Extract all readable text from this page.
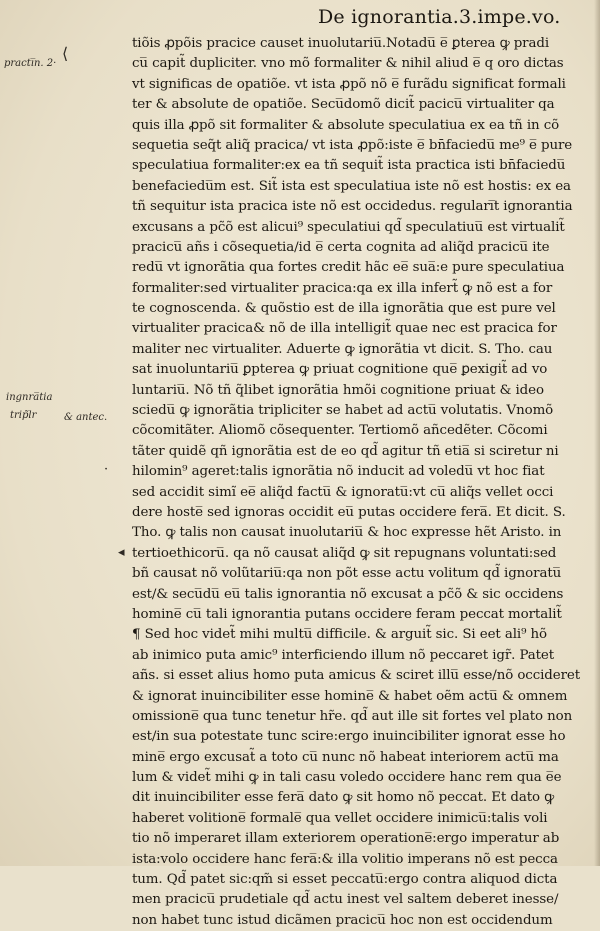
De ignorantia.3.impe.vo.
⟨
practi̅n. 2·
ingnra̅tia
trip̃lr	& antec.
·
◂
tiõis ꝓpõis pracice causet inuolutariu̅.Notadu̅ e̅ ꝑterea ꝙ pradi
cu̅ capit̃ dupliciter. vno mõ formaliter & nihil aliud e̅ q oro dictas
vt significas de opatiõe. vt ista ꝓpõ nõ e̅ furãdu significat formali
ter & absolute de opatiõe. Secu̅domõ dicit̃ pacicu̅ virtualiter qa
quis illa ꝓpõ sit formaliter & absolute speculatiua ex ea tñ in cõ
sequetia seq̃t aliq̃ pracica/ vt ista ꝓpõ:iste e̅ bn̄faciedu̅ me⁹ e̅ pure
speculatiua formaliter:ex ea tñ sequit̃ ista practica isti bn̄faciedu̅
benefaciedu̅m est. Sit̃ ista est speculatiua iste nõ est hostis: ex ea
tñ sequitur ista pracica iste nõ est occidedus. regulari̅t ignorantia
excusans a pc̃õ est alicui⁹ speculatiui qd̃ speculatiuu̅ est virtualit̃
pracicu̅ añs i cõsequetia/id e̅ certa cognita ad aliq̃d pracicu̅ ite
redu̅ vt ignorãtia qua fortes credit hãc ee̅ sua̅:e pure speculatiua
formaliter:sed virtualiter pracica:qa ex illa infert̃ ꝙ nõ est a for
te cognoscenda. & quõstio est de illa ignorãtia que est pure vel
virtualiter pracica& nõ de illa intelligit̃ quae nec est pracica for
maliter nec virtualiter. Aduerte ꝙ ignorãtia vt dicit. S. Tho. cau
sat inuoluntariu̅ ꝑpterea ꝙ priuat cognitione que̅ ꝑexigit̃ ad vo
luntariu̅. Nõ tñ q̃libet ignorãtia hmõi cognitione priuat & ideo
sciedu̅ ꝙ ignorãtia tripliciter se habet ad actu̅ volutatis. Vnomõ
cõcomitãter. Aliomõ cõsequenter. Tertiomõ añcedẽter. Cõcomi
tãter quidẽ qñ ignorãtia est de eo qd̃ agitur tñ etia̅ si sciretur ni
hilomin⁹ ageret:talis ignorãtia nõ inducit ad voledu̅ vt hoc fiat
sed accidit simĩ ee̅ aliq̃d factu̅ & ignoratu̅:vt cu̅ aliq̃s vellet occi
dere hoste̅ sed ignoras occidit eu̅ putas occidere fera̅. Et dicit. S.
Tho. ꝙ talis non causat inuolutariu̅ & hoc expresse hẽt Aristo. in
tertioethicoru̅. qa nõ causat aliq̃d ꝙ sit repugnans voluntati:sed
bñ causat nõ volũtariu̅:qa non põt esse actu volitum qd̃ ignoratu̅
est/& secu̅du̅ eu̅ talis ignorantia nõ excusat a pc̃õ & sic occidens
homine̅ cu̅ tali ignorantia putans occidere feram peccat mortalit̃
¶ Sed hoc videt̃ mihi multu̅ difficile. & arguit̃ sic. Si eet ali⁹ hõ
ab inimico puta amic⁹ interficiendo illum nõ peccaret igr̃. Patet
añs. si esset alius homo puta amicus & sciret illu̅ esse/nõ occideret
& ignorat inuincibiliter esse homine̅ & habet oẽm actu̅ & omnem
omissione̅ qua tunc tenetur hr̃e. qd̃ aut ille sit fortes vel plato non
est/in sua potestate tunc scire:ergo inuincibiliter ignorat esse ho
mine̅ ergo excusat̃ a toto cu̅ nunc nõ habeat interiorem actu̅ ma
lum & videt̃ mihi ꝙ in tali casu voledo occidere hanc rem qua e̅e
dit inuincibiliter esse fera̅ dato ꝙ sit homo nõ peccat. Et dato ꝙ
haberet volitione̅ formale̅ qua vellet occidere inimicu̅:talis voli
tio nõ imperaret illam exteriorem operatione̅:ergo imperatur ab
ista:volo occidere hanc fera̅:& illa volitio imperans nõ est pecca
tum. Qd̃ patet sic:qm̃ si esset peccatu̅:ergo contra aliquod dicta
men pracicu̅ prudetiale qd̃ actu inest vel saltem deberet inesse/
non habet tunc istud dicãmen pracicu̅ hoc non est occidendum
